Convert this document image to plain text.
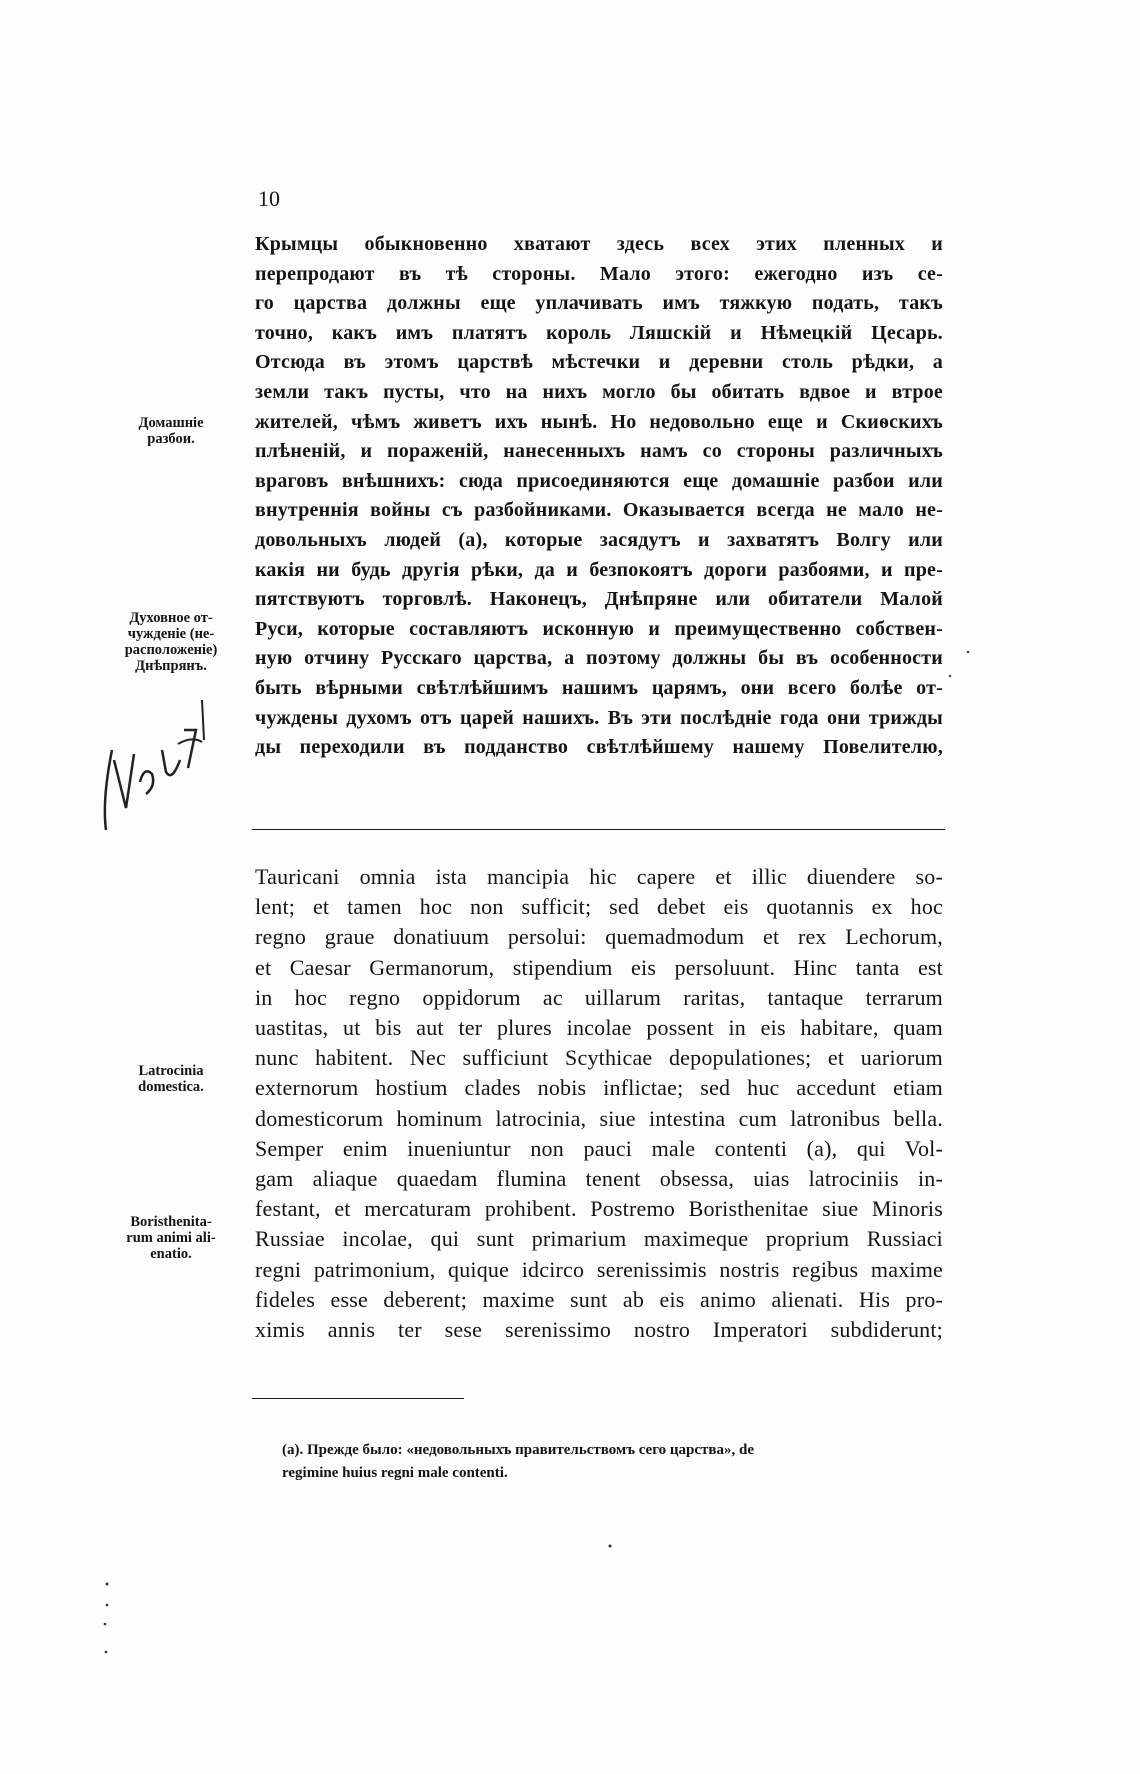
10
Крымцы обыкновенно хватают здесь всех этих пленных и
перепродают въ тѣ стороны. Мало этого: ежегодно изъ се-
го царства должны еще уплачивать имъ тяжкую подать, такъ
точно, какъ имъ платятъ король Ляшскій и Нѣмецкій Цесарь.
Отсюда въ этомъ царствѣ мѣстечки и деревни столь рѣдки, а
земли такъ пусты, что на нихъ могло бы обитать вдвое и втрое
жителей, чѣмъ живетъ ихъ нынѣ. Но недовольно еще и Скиѳскихъ
плѣненій, и пораженій, нанесенныхъ намъ со стороны различныхъ
враговъ внѣшнихъ: сюда присоединяются еще домашніе разбои или
внутреннія войны съ разбойниками. Оказывается всегда не мало не-
довольныхъ людей (а), которые засядутъ и захватятъ Волгу или
какія ни будь другія рѣки, да и безпокоятъ дороги разбоями, и пре-
пятствуютъ торговлѣ. Наконецъ, Днѣпряне или обитатели Малой
Руси, которые составляютъ исконную и преимущественно собствен-
ную отчину Русскаго царства, а поэтому должны бы въ особенности
быть вѣрными свѣтлѣйшимъ нашимъ царямъ, они всего болѣе от-
чуждены духомъ отъ царей нашихъ. Въ эти послѣдніе года они трижды
ды переходили въ подданство свѣтлѣйшему нашему Повелителю,
Домашніе
разбои.
Духовное от-
чужденіе (не-
расположеніе)
Днѣпрянъ.
Tauricani omnia ista mancipia hic capere et illic diuendere so-
lent; et tamen hoc non sufficit; sed debet eis quotannis ex hoc
regno graue donatiuum persolui: quemadmodum et rex Lechorum,
et Caesar Germanorum, stipendium eis persoluunt. Hinc tanta est
in hoc regno oppidorum ac uillarum raritas, tantaque terrarum
uastitas, ut bis aut ter plures incolae possent in eis habitare, quam
nunc habitent. Nec sufficiunt Scythicae depopulationes; et uariorum
externorum hostium clades nobis inflictae; sed huc accedunt etiam
domesticorum hominum latrocinia, siue intestina cum latronibus bella.
Semper enim inueniuntur non pauci male contenti (a), qui Vol-
gam aliaque quaedam flumina tenent obsessa, uias latrociniis in-
festant, et mercaturam prohibent. Postremo Boristhenitae siue Minoris
Russiae incolae, qui sunt primarium maximeque proprium Russiaci
regni patrimonium, quique idcirco serenissimis nostris regibus maxime
fideles esse deberent; maxime sunt ab eis animo alienati. His pro-
ximis annis ter sese serenissimo nostro Imperatori subdiderunt;
Latrocinia
domestica.
Boristhenita-
rum animi ali-
enatio.
(а). Прежде было: «недовольныхъ правительствомъ сего царства», de
regimine huius regni male contenti.
